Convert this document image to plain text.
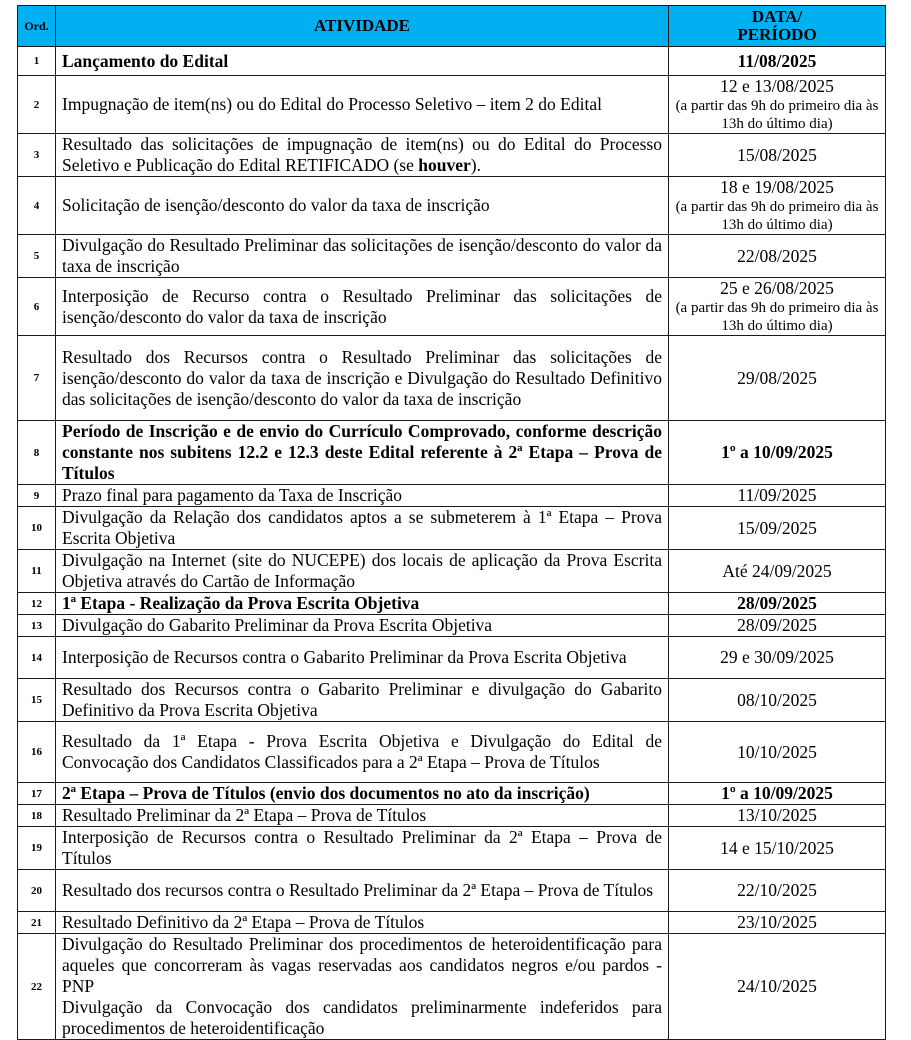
Ord.	ATIVIDADE	DATA/
PERÍODO

1	Lançamento do Edital	11/08/2025
2	Impugnação de item(ns) ou do Edital do Processo Seletivo – item 2 do Edital	12 e 13/08/2025
(a partir das 9h do primeiro dia às 13h do último dia)

3	Resultado das solicitações de impugnação de item(ns) ou do Edital do Processo Seletivo e Publicação do Edital RETIFICADO (se houver).	15/08/2025
4	Solicitação de isenção/desconto do valor da taxa de inscrição	18 e 19/08/2025
(a partir das 9h do primeiro dia às 13h do último dia)

5	Divulgação do Resultado Preliminar das solicitações de isenção/desconto do valor da taxa de inscrição	22/08/2025
6	Interposição de Recurso contra o Resultado Preliminar das solicitações de isenção/desconto do valor da taxa de inscrição	25 e 26/08/2025
(a partir das 9h do primeiro dia às 13h do último dia)

7	Resultado dos Recursos contra o Resultado Preliminar das solicitações de isenção/desconto do valor da taxa de inscrição e Divulgação do Resultado Definitivo das solicitações de isenção/desconto do valor da taxa de inscrição	29/08/2025
8	Período de Inscrição e de envio do Currículo Comprovado, conforme descrição constante nos subitens 12.2 e 12.3 deste Edital referente à 2ª Etapa – Prova de Títulos	1º a 10/09/2025
9	Prazo final para pagamento da Taxa de Inscrição	11/09/2025
10	Divulgação da Relação dos candidatos aptos a se submeterem à 1ª Etapa – Prova Escrita Objetiva	15/09/2025
11	Divulgação na Internet (site do NUCEPE) dos locais de aplicação da Prova Escrita Objetiva através do Cartão de Informação	Até 24/09/2025
12	1ª Etapa - Realização da Prova Escrita Objetiva	28/09/2025
13	Divulgação do Gabarito Preliminar da Prova Escrita Objetiva	28/09/2025
14	Interposição de Recursos contra o Gabarito Preliminar da Prova Escrita Objetiva	29 e 30/09/2025
15	Resultado dos Recursos contra o Gabarito Preliminar e divulgação do Gabarito Definitivo da Prova Escrita Objetiva	08/10/2025
16	Resultado da 1ª Etapa - Prova Escrita Objetiva e Divulgação do Edital de Convocação dos Candidatos Classificados para a 2ª Etapa – Prova de Títulos	10/10/2025
17	2ª Etapa – Prova de Títulos (envio dos documentos no ato da inscrição)	1º a 10/09/2025
18	Resultado Preliminar da 2ª Etapa – Prova de Títulos	13/10/2025
19	Interposição de Recursos contra o Resultado Preliminar da 2ª Etapa – Prova de Títulos	14 e 15/10/2025
20	Resultado dos recursos contra o Resultado Preliminar da 2ª Etapa – Prova de Títulos	22/10/2025
21	Resultado Definitivo da 2ª Etapa – Prova de Títulos	23/10/2025
22	Divulgação do Resultado Preliminar dos procedimentos de heteroidentificação para aqueles que concorreram às vagas reservadas aos candidatos negros e/ou pardos - PNP
Divulgação da Convocação dos candidatos preliminarmente indeferidos para procedimentos de heteroidentificação	24/10/2025
